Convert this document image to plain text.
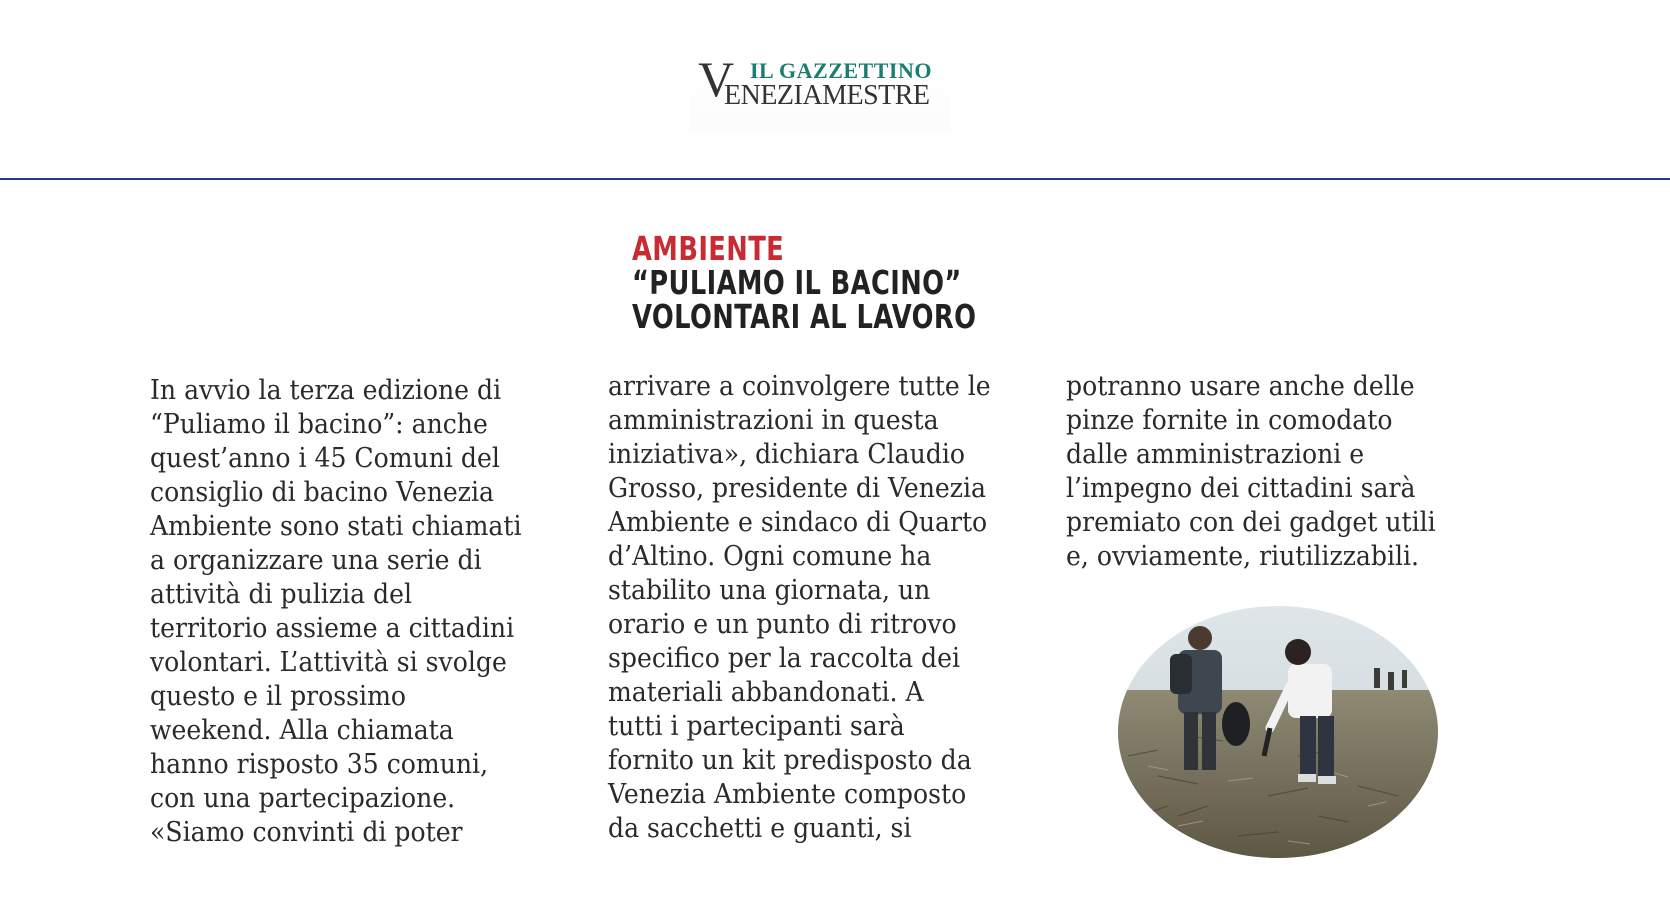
V IL GAZZETTINO
ENEZIAMESTRE
AMBIENTE
“PULIAMO IL BACINO”
VOLONTARI AL LAVORO
In avvio la terza edizione di
“Puliamo il bacino”: anche
quest’anno i 45 Comuni del
consiglio di bacino Venezia
Ambiente sono stati chiamati
a organizzare una serie di
attività di pulizia del
territorio assieme a cittadini
volontari. L’attività si svolge
questo e il prossimo
weekend. Alla chiamata
hanno risposto 35 comuni,
con una partecipazione.
«Siamo convinti di poter
arrivare a coinvolgere tutte le
amministrazioni in questa
iniziativa», dichiara Claudio
Grosso, presidente di Venezia
Ambiente e sindaco di Quarto
d’Altino. Ogni comune ha
stabilito una giornata, un
orario e un punto di ritrovo
specifico per la raccolta dei
materiali abbandonati. A
tutti i partecipanti sarà
fornito un kit predisposto da
Venezia Ambiente composto
da sacchetti e guanti, si
potranno usare anche delle
pinze fornite in comodato
dalle amministrazioni e
l’impegno dei cittadini sarà
premiato con dei gadget utili
e, ovviamente, riutilizzabili.
